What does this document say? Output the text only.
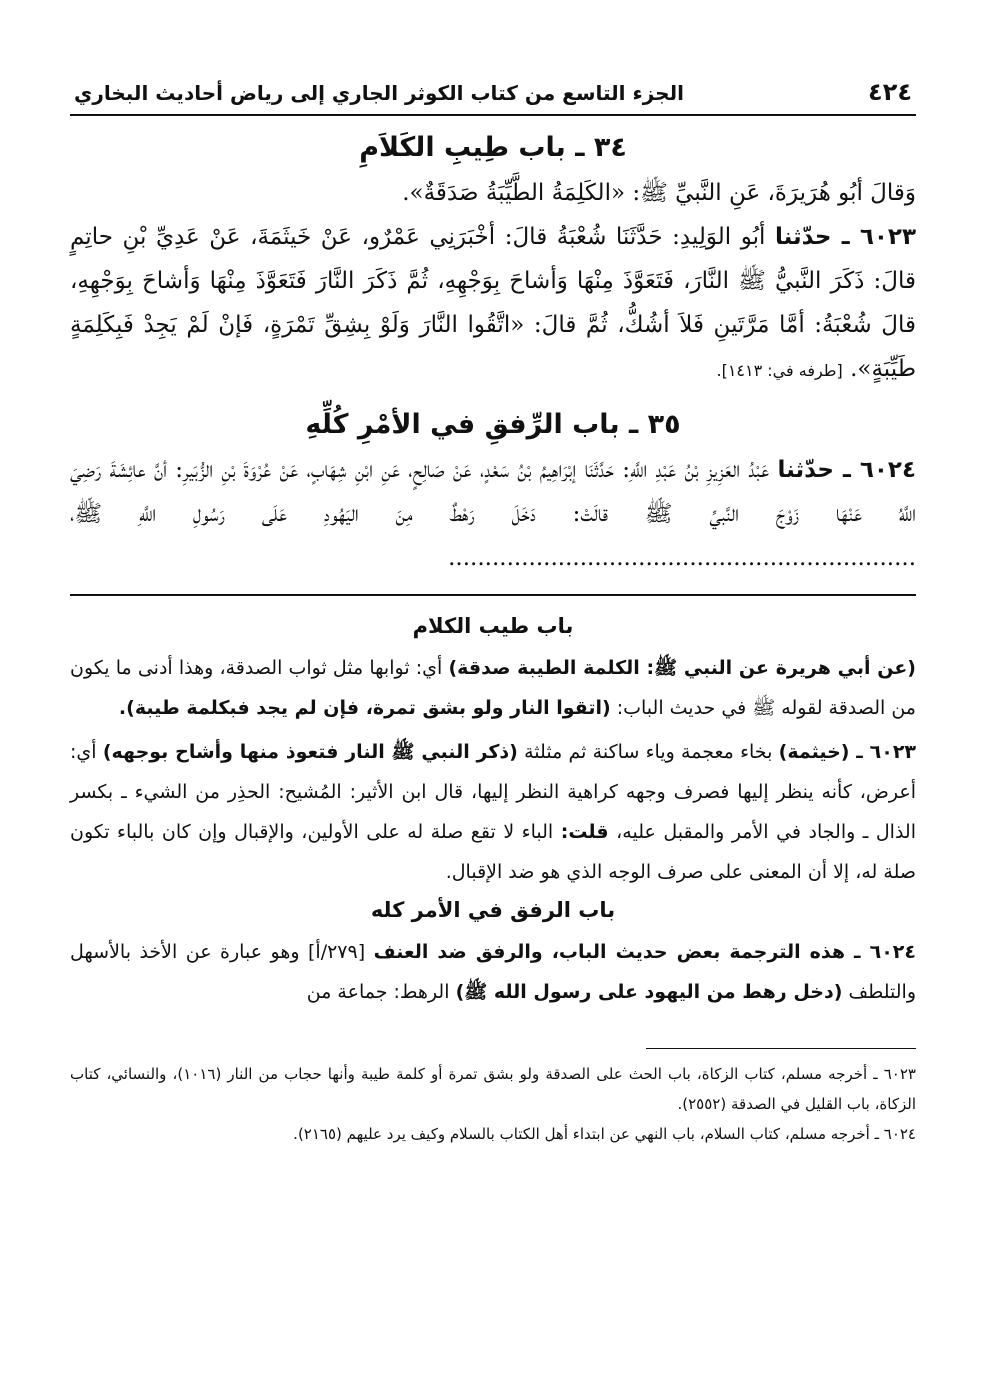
٤٢٤
الجزء التاسع من كتاب الكوثر الجاري إلى رياض أحاديث البخاري
٣٤ ـ باب طِيبِ الكَلاَمِ

وَقالَ أبُو هُرَيرَةَ، عَنِ النَّبيِّ ﷺ: «الكَلِمَةُ الطَّيِّبَةُ صَدَقَةٌ».

٦٠٢٣ ـ حدّثنا أبُو الوَلِيدِ: حَدَّثَنَا شُعْبَةُ قالَ: أخْبَرَنِي عَمْرٌو، عَنْ خَيثَمَةَ، عَنْ عَدِيِّ بْنِ حاتِمٍ قالَ: ذَكَرَ النَّبيُّ ﷺ النَّارَ، فَتَعَوَّذَ مِنْهَا وَأشاحَ بِوَجْهِهِ، ثُمَّ ذَكَرَ النَّارَ فَتَعَوَّذَ مِنْهَا وَأشاحَ بِوَجْهِهِ، قالَ شُعْبَةُ: أمَّا مَرَّتَينِ فَلاَ أشُكُّ، ثُمَّ قالَ: «اتَّقُوا النَّارَ وَلَوْ بِشِقِّ تَمْرَةٍ، فَإنْ لَمْ يَجِدْ فَبِكَلِمَةٍ طَيِّبَةٍ». [طرفه في: ١٤١٣].

٣٥ ـ باب الرِّفقِ في الأمْرِ كُلِّهِ

٦٠٢٤ ـ حدّثنا عَبْدُ العَزِيزِ بْنُ عَبْدِ اللَّهِ: حَدَّثَنَا إبْرَاهِيمُ بْنُ سَعْدٍ، عَنْ صَالِحٍ، عَنِ ابْنِ شِهَابٍ، عَنْ عُرْوَةَ بْنِ الزُّبَيرِ: أنَّ عائِشَةَ رَضِيَ اللَّهُ عَنْهَا زَوْجَ النَّبيِّ ﷺ قالَتْ: دَخَلَ رَهْطٌ مِنَ اليَهُودِ عَلَى رَسُولِ اللَّهِ ﷺ، ................................................................

باب طيب الكلام

(عن أبي هريرة عن النبي ﷺ: الكلمة الطيبة صدقة) أي: ثوابها مثل ثواب الصدقة، وهذا أدنى ما يكون من الصدقة لقوله ﷺ في حديث الباب: (اتقوا النار ولو بشق تمرة، فإن لم يجد فبكلمة طيبة).

٦٠٢٣ ـ (خيثمة) بخاء معجمة وياء ساكنة ثم مثلثة (ذكر النبي ﷺ النار فتعوذ منها وأشاح بوجهه) أي: أعرض، كأنه ينظر إليها فصرف وجهه كراهية النظر إليها، قال ابن الأثير: المُشيح: الحذِر من الشيء ـ بكسر الذال ـ والجاد في الأمر والمقبل عليه، قلت: الباء لا تقع صلة له على الأولين، والإقبال وإن كان بالباء تكون صلة له، إلا أن المعنى على صرف الوجه الذي هو ضد الإقبال.

باب الرفق في الأمر كله

٦٠٢٤ ـ هذه الترجمة بعض حديث الباب، والرفق ضد العنف [٢٧٩/أ] وهو عبارة عن الأخذ بالأسهل والتلطف (دخل رهط من اليهود على رسول الله ﷺ) الرهط: جماعة من

٦٠٢٣ ـ أخرجه مسلم، كتاب الزكاة، باب الحث على الصدقة ولو بشق تمرة أو كلمة طيبة وأنها حجاب من النار (١٠١٦)، والنسائي، كتاب الزكاة، باب القليل في الصدقة (٢٥٥٢).

٦٠٢٤ ـ أخرجه مسلم، كتاب السلام، باب النهي عن ابتداء أهل الكتاب بالسلام وكيف يرد عليهم (٢١٦٥).
